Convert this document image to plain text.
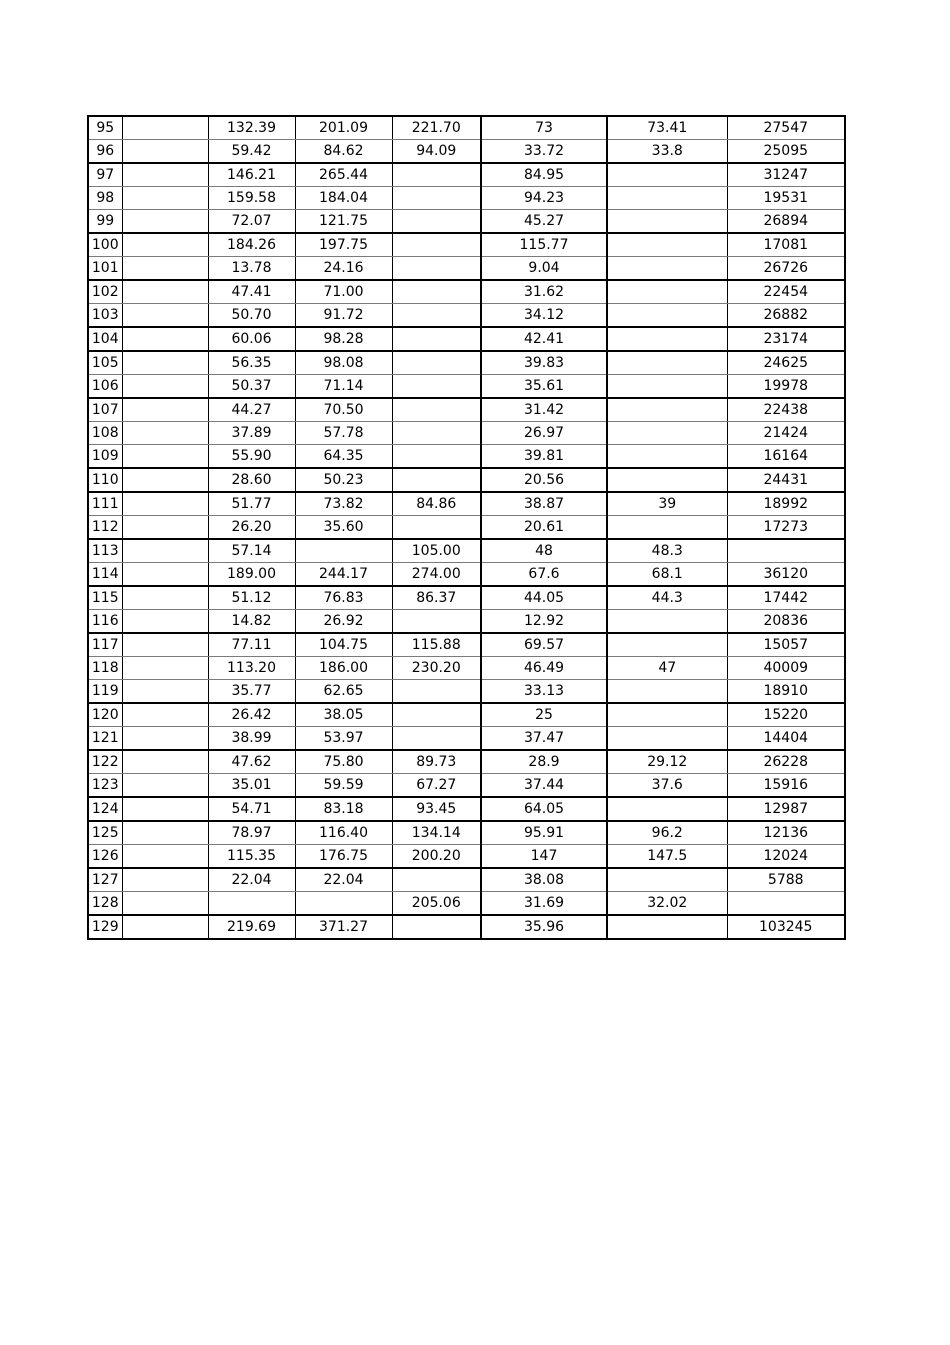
95		132.39	201.09	221.70	73	73.41	27547
96		59.42	84.62	94.09	33.72	33.8	25095
97		146.21	265.44		84.95		31247
98		159.58	184.04		94.23		19531
99		72.07	121.75		45.27		26894
100		184.26	197.75		115.77		17081
101		13.78	24.16		9.04		26726
102		47.41	71.00		31.62		22454
103		50.70	91.72		34.12		26882
104		60.06	98.28		42.41		23174
105		56.35	98.08		39.83		24625
106		50.37	71.14		35.61		19978
107		44.27	70.50		31.42		22438
108		37.89	57.78		26.97		21424
109		55.90	64.35		39.81		16164
110		28.60	50.23		20.56		24431
111		51.77	73.82	84.86	38.87	39	18992
112		26.20	35.60		20.61		17273
113		57.14		105.00	48	48.3	
114		189.00	244.17	274.00	67.6	68.1	36120
115		51.12	76.83	86.37	44.05	44.3	17442
116		14.82	26.92		12.92		20836
117		77.11	104.75	115.88	69.57		15057
118		113.20	186.00	230.20	46.49	47	40009
119		35.77	62.65		33.13		18910
120		26.42	38.05		25		15220
121		38.99	53.97		37.47		14404
122		47.62	75.80	89.73	28.9	29.12	26228
123		35.01	59.59	67.27	37.44	37.6	15916
124		54.71	83.18	93.45	64.05		12987
125		78.97	116.40	134.14	95.91	96.2	12136
126		115.35	176.75	200.20	147	147.5	12024
127		22.04	22.04		38.08		5788
128				205.06	31.69	32.02	
129		219.69	371.27		35.96		103245
